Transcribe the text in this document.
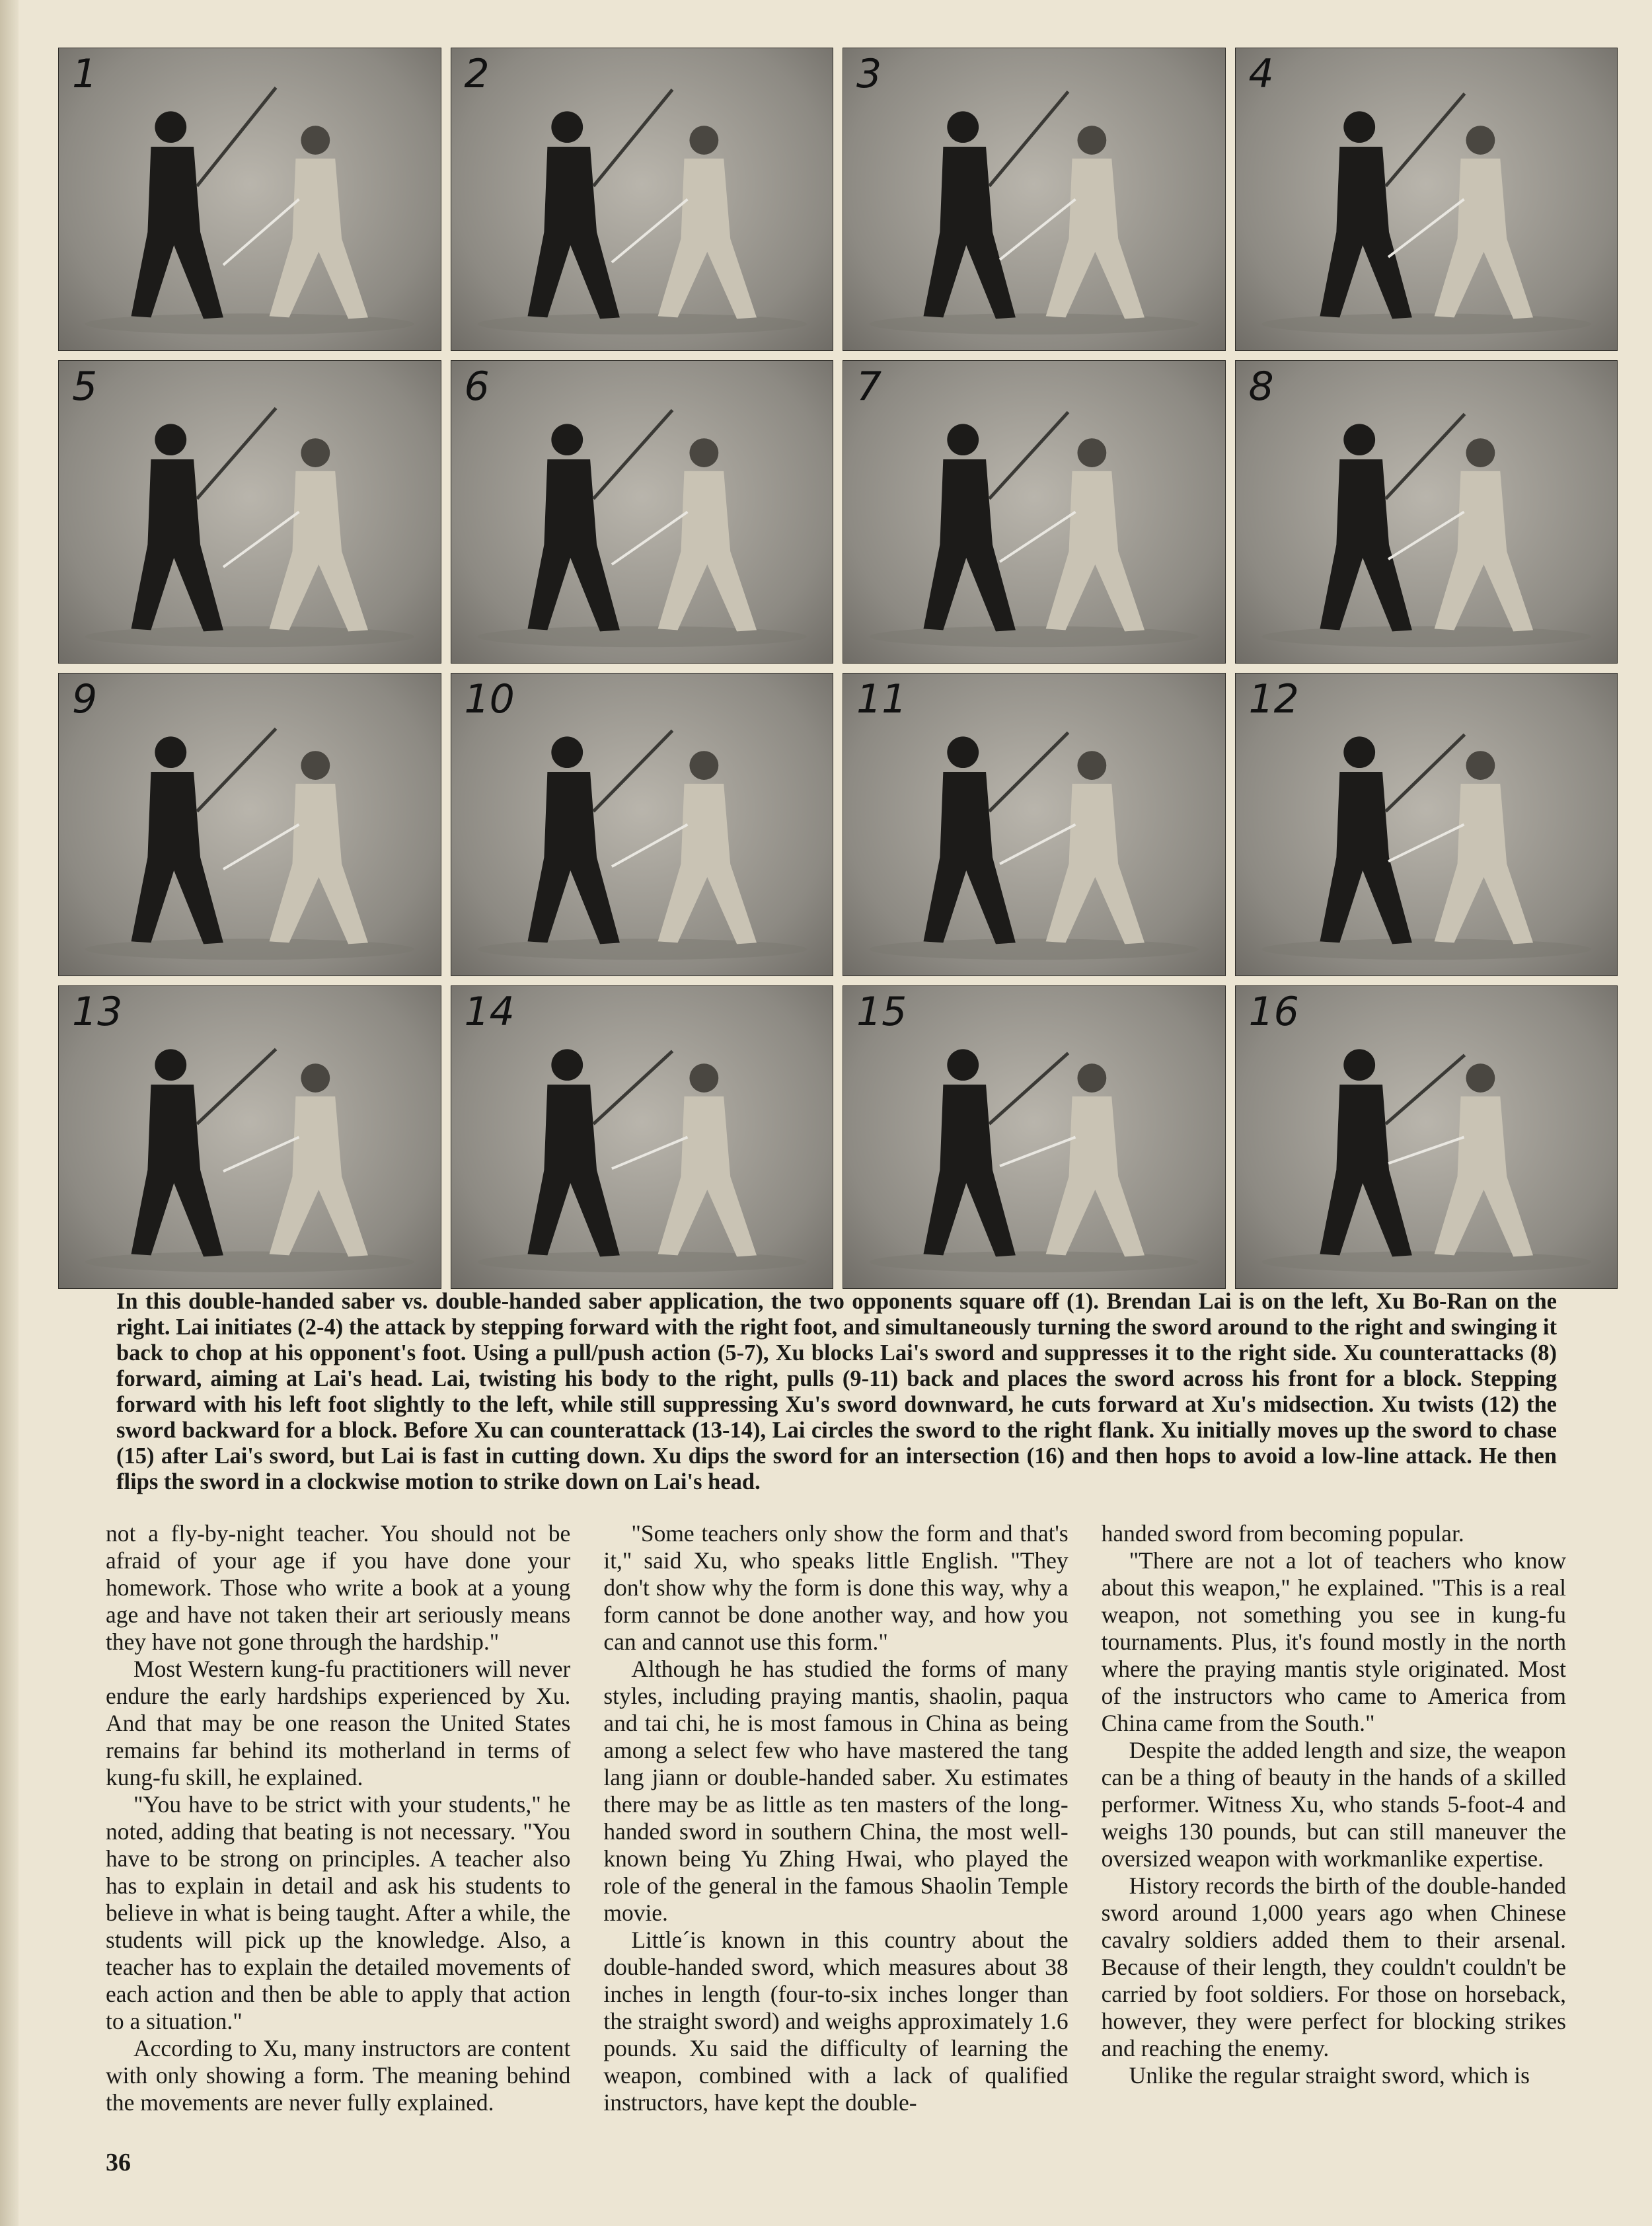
1	2	3	4
5	6	7	8
9	10	11	12
13	14	15	16

In this double-handed saber vs. double-handed saber application, the two opponents square off (1). Brendan Lai is on the left, Xu Bo-Ran on the right. Lai initiates (2-4) the attack by stepping forward with the right foot, and simultaneously turning the sword around to the right and swinging it back to chop at his opponent's foot. Using a pull/push action (5-7), Xu blocks Lai's sword and suppresses it to the right side. Xu counterattacks (8) forward, aiming at Lai's head. Lai, twisting his body to the right, pulls (9-11) back and places the sword across his front for a block. Stepping forward with his left foot slightly to the left, while still suppressing Xu's sword downward, he cuts forward at Xu's midsection. Xu twists (12) the sword backward for a block. Before Xu can counterattack (13-14), Lai circles the sword to the right flank. Xu initially moves up the sword to chase (15) after Lai's sword, but Lai is fast in cutting down. Xu dips the sword for an intersection (16) and then hops to avoid a low-line attack. He then flips the sword in a clockwise motion to strike down on Lai's head.

not a fly-by-night teacher. You should not be afraid of your age if you have done your homework. Those who write a book at a young age and have not taken their art seriously means they have not gone through the hardship."

Most Western kung-fu practitioners will never endure the early hardships experienced by Xu. And that may be one reason the United States remains far behind its motherland in terms of kung-fu skill, he explained.

"You have to be strict with your students," he noted, adding that beating is not necessary. "You have to be strong on principles. A teacher also has to explain in detail and ask his students to believe in what is being taught. After a while, the students will pick up the knowledge. Also, a teacher has to explain the detailed movements of each action and then be able to apply that action to a situation."

According to Xu, many instructors are content with only showing a form. The meaning behind the movements are never fully explained.

"Some teachers only show the form and that's it," said Xu, who speaks little English. "They don't show why the form is done this way, why a form cannot be done another way, and how you can and cannot use this form."

Although he has studied the forms of many styles, including praying mantis, shaolin, paqua and tai chi, he is most famous in China as being among a select few who have mastered the tang lang jiann or double-handed saber. Xu estimates there may be as little as ten masters of the long-handed sword in southern China, the most well-known being Yu Zhing Hwai, who played the role of the general in the famous Shaolin Temple movie.

Little´is known in this country about the double-handed sword, which measures about 38 inches in length (four-to-six inches longer than the straight sword) and weighs approximately 1.6 pounds. Xu said the difficulty of learning the weapon, combined with a lack of qualified instructors, have kept the double-

handed sword from becoming popular.

"There are not a lot of teachers who know about this weapon," he explained. "This is a real weapon, not something you see in kung-fu tournaments. Plus, it's found mostly in the north where the praying mantis style originated. Most of the instructors who came to America from China came from the South."

Despite the added length and size, the weapon can be a thing of beauty in the hands of a skilled performer. Witness Xu, who stands 5-foot-4 and weighs 130 pounds, but can still maneuver the oversized weapon with workmanlike expertise.

History records the birth of the double-handed sword around 1,000 years ago when Chinese cavalry soldiers added them to their arsenal. Because of their length, they couldn't couldn't be carried by foot soldiers. For those on horseback, however, they were perfect for blocking strikes and reaching the enemy.

Unlike the regular straight sword, which is

36
